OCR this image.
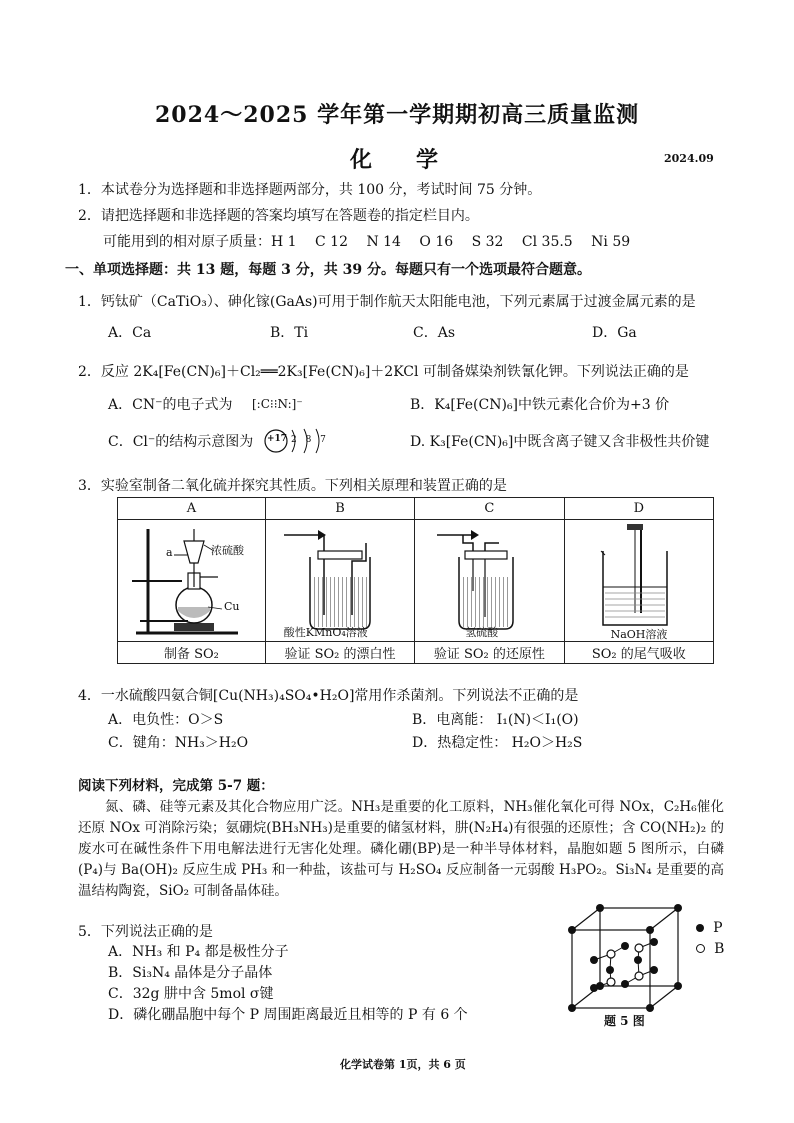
2024～2025 学年第一学期期初高三质量监测
化　　学	2024.09
1．本试卷分为选择题和非选择题两部分，共 100 分，考试时间 75 分钟。
2．请把选择题和非选择题的答案均填写在答题卷的指定栏目内。
可能用到的相对原子质量：H 1　 C 12　 N 14　 O 16　 S 32　 Cl 35.5　 Ni 59
一、单项选择题：共 13 题，每题 3 分，共 39 分。每题只有一个选项最符合题意。
1．钙钛矿（CaTiO₃）、砷化镓(GaAs)可用于制作航天太阳能电池，下列元素属于过渡金属元素的是
A．Ca	B．Ti	C．As	D．Ga
2．反应 2K₄[Fe(CN)₆]＋Cl₂══2K₃[Fe(CN)₆]＋2KCl 可制备媒染剂铁氰化钾。下列说法正确的是
A．CN⁻的电子式为 [:C⁝⁝N:]⁻	B．K₄[Fe(CN)₆]中铁元素化合价为+3 价
C．Cl⁻的结构示意图为 +17 2 8 7	D. K₃[Fe(CN)₆]中既含离子键又含非极性共价键
3．实验室制备二氧化硫并探究其性质。下列相关原理和装置正确的是
A	B	C	D

浓硫酸
a
Cu	酸性KMnO₄溶液	氢硫酸	NaOH溶液

制备 SO₂	验证 SO₂ 的漂白性	验证 SO₂ 的还原性	SO₂ 的尾气吸收
4．一水硫酸四氨合铜[Cu(NH₃)₄SO₄•H₂O]常用作杀菌剂。下列说法不正确的是
A．电负性：O＞S	B．电离能： I₁(N)＜I₁(O)
C．键角：NH₃＞H₂O	D．热稳定性： H₂O＞H₂S
阅读下列材料，完成第 5-7 题：
氮、磷、硅等元素及其化合物应用广泛。NH₃是重要的化工原料，NH₃催化氧化可得 NOx，C₂H₆催化还原 NOx 可消除污染；氨硼烷(BH₃NH₃)是重要的储氢材料，肼(N₂H₄)有很强的还原性；含 CO(NH₂)₂ 的废水可在碱性条件下用电解法进行无害化处理。磷化硼(BP)是一种半导体材料，晶胞如题 5 图所示，白磷(P₄)与 Ba(OH)₂ 反应生成 PH₃ 和一种盐，该盐可与 H₂SO₄ 反应制备一元弱酸 H₃PO₂。Si₃N₄ 是重要的高温结构陶瓷，SiO₂ 可制备晶体硅。
5．下列说法正确的是
A．NH₃ 和 P₄ 都是极性分子
B．Si₃N₄ 晶体是分子晶体
C．32g 肼中含 5mol σ键
D．磷化硼晶胞中每个 P 周围距离最近且相等的 P 有 6 个
P
B
题 5 图
化学试卷第 1页，共 6 页
